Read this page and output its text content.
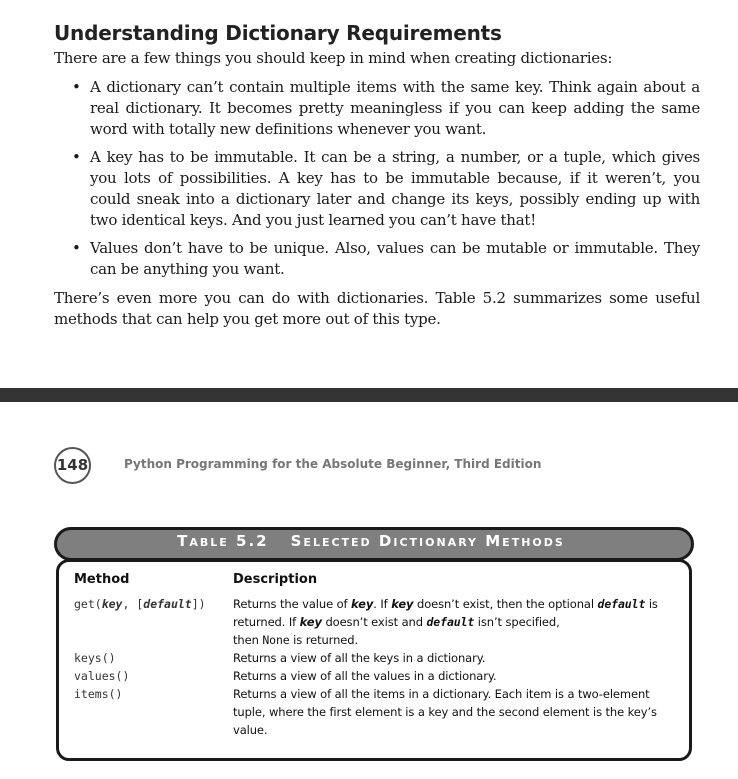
Understanding Dictionary Requirements

There are a few things you should keep in mind when creating dictionaries:

• A dictionary can’t contain multiple items with the same key. Think again about a real dictionary. It becomes pretty meaningless if you can keep adding the same word with totally new definitions whenever you want.
• A key has to be immutable. It can be a string, a number, or a tuple, which gives you lots of possibilities. A key has to be immutable because, if it weren’t, you could sneak into a dictionary later and change its keys, possibly ending up with two identical keys. And you just learned you can’t have that!
• Values don’t have to be unique. Also, values can be mutable or immutable. They can be anything you want.

There’s even more you can do with dictionaries. Table 5.2 summarizes some useful methods that can help you get more out of this type.

148	Python Programming for the Absolute Beginner, Third Edition
Table 5.2 Selected Dictionary Methods
Method	Description
get(key, [default])	Returns the value of key. If key doesn’t exist, then the optional default is returned. If key doesn’t exist and default isn’t specified,
then None is returned.
keys()	Returns a view of all the keys in a dictionary.
values()	Returns a view of all the values in a dictionary.
items()	Returns a view of all the items in a dictionary. Each item is a two-element tuple, where the first element is a key and the second element is the key’s value.
